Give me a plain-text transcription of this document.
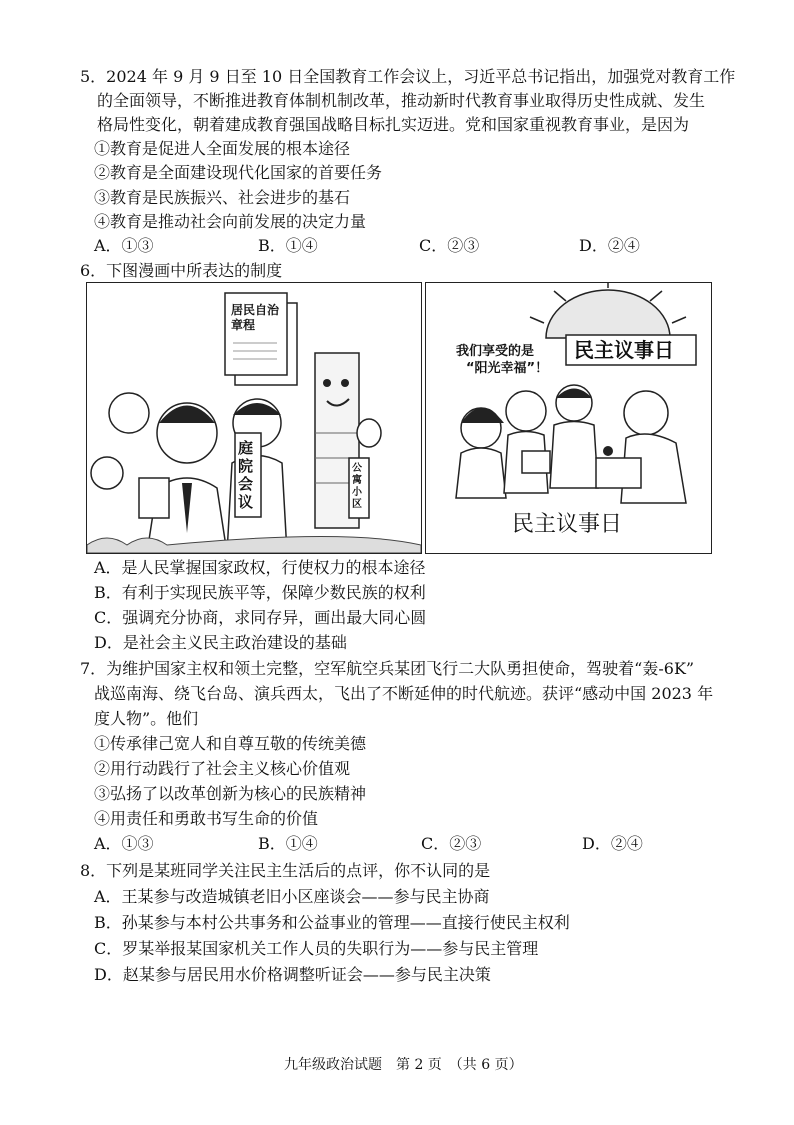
5．2024 年 9 月 9 日至 10 日全国教育工作会议上，习近平总书记指出，加强党对教育工作
的全面领导，不断推进教育体制机制改革，推动新时代教育事业取得历史性成就、发生
格局性变化，朝着建成教育强国战略目标扎实迈进。党和国家重视教育事业，是因为
①教育是促进人全面发展的根本途径
②教育是全面建设现代化国家的首要任务
③教育是民族振兴、社会进步的基石
④教育是推动社会向前发展的决定力量
A．①③	B．①④	C．②③	D．②④
6．下图漫画中所表达的制度
居民自治章程
庭院会议
公寓小区
我们享受的是
“阳光幸福”！
民主议事日
民主议事日
A．是人民掌握国家政权，行使权力的根本途径
B．有利于实现民族平等，保障少数民族的权利
C．强调充分协商，求同存异，画出最大同心圆
D．是社会主义民主政治建设的基础
7．为维护国家主权和领土完整，空军航空兵某团飞行二大队勇担使命，驾驶着“轰-6K”
战巡南海、绕飞台岛、演兵西太，飞出了不断延伸的时代航迹。获评“感动中国 2023 年
度人物”。他们
①传承律己宽人和自尊互敬的传统美德
②用行动践行了社会主义核心价值观
③弘扬了以改革创新为核心的民族精神
④用责任和勇敢书写生命的价值
A．①③	B．①④	C．②③	D．②④
8．下列是某班同学关注民主生活后的点评，你不认同的是
A．王某参与改造城镇老旧小区座谈会——参与民主协商
B．孙某参与本村公共事务和公益事业的管理——直接行使民主权利
C．罗某举报某国家机关工作人员的失职行为——参与民主管理
D．赵某参与居民用水价格调整听证会——参与民主决策
九年级政治试题　第 2 页　（共 6 页）
